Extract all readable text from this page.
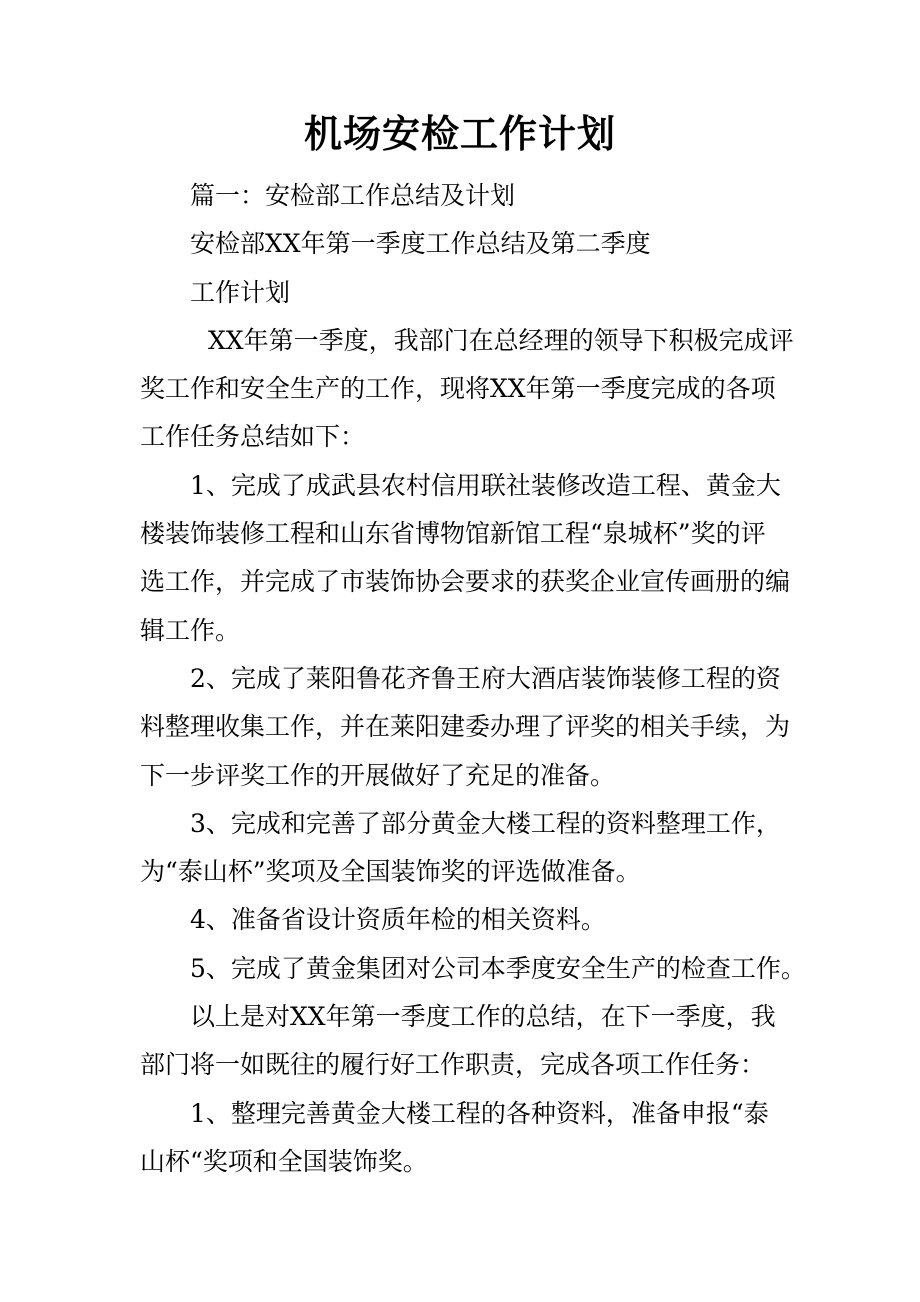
机场安检工作计划

篇一：安检部工作总结及计划

安检部XX年第一季度工作总结及第二季度

工作计划

XX年第一季度，我部门在总经理的领导下积极完成评

奖工作和安全生产的工作，现将XX年第一季度完成的各项

工作任务总结如下：

1、完成了成武县农村信用联社装修改造工程、黄金大

楼装饰装修工程和山东省博物馆新馆工程“泉城杯”奖的评

选工作，并完成了市装饰协会要求的获奖企业宣传画册的编

辑工作。

2、完成了莱阳鲁花齐鲁王府大酒店装饰装修工程的资

料整理收集工作，并在莱阳建委办理了评奖的相关手续，为

下一步评奖工作的开展做好了充足的准备。

3、完成和完善了部分黄金大楼工程的资料整理工作，

为“泰山杯”奖项及全国装饰奖的评选做准备。

4、准备省设计资质年检的相关资料。

5、完成了黄金集团对公司本季度安全生产的检查工作。

以上是对XX年第一季度工作的总结，在下一季度，我

部门将一如既往的履行好工作职责，完成各项工作任务：

1、整理完善黄金大楼工程的各种资料，准备申报“泰

山杯“奖项和全国装饰奖。
